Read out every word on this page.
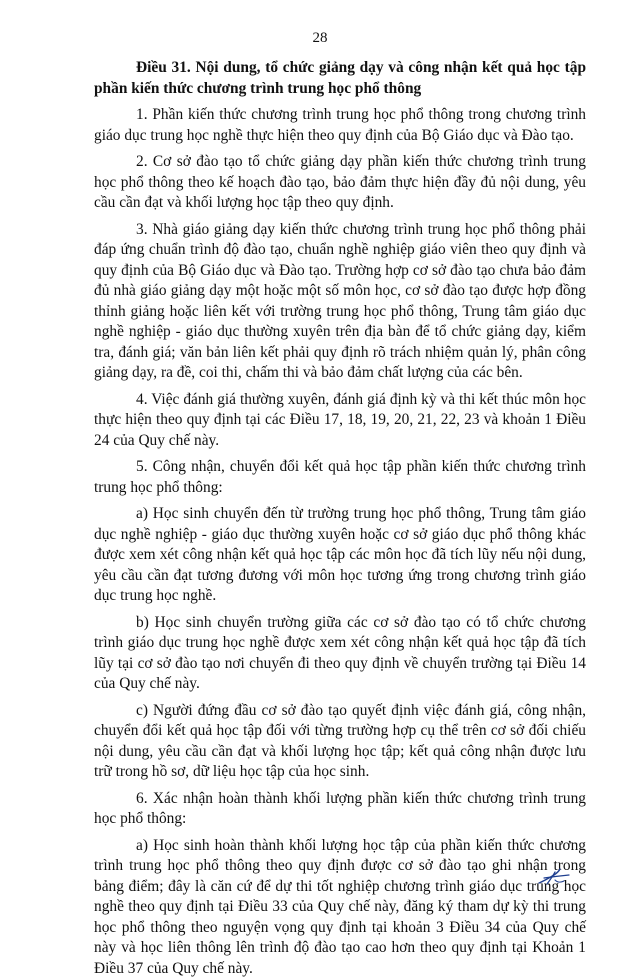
28

Điều 31. Nội dung, tổ chức giảng dạy và công nhận kết quả học tập phần kiến thức chương trình trung học phổ thông

1. Phần kiến thức chương trình trung học phổ thông trong chương trình giáo dục trung học nghề thực hiện theo quy định của Bộ Giáo dục và Đào tạo.

2. Cơ sở đào tạo tổ chức giảng dạy phần kiến thức chương trình trung học phổ thông theo kế hoạch đào tạo, bảo đảm thực hiện đầy đủ nội dung, yêu cầu cần đạt và khối lượng học tập theo quy định.

3. Nhà giáo giảng dạy kiến thức chương trình trung học phổ thông phải đáp ứng chuẩn trình độ đào tạo, chuẩn nghề nghiệp giáo viên theo quy định và quy định của Bộ Giáo dục và Đào tạo. Trường hợp cơ sở đào tạo chưa bảo đảm đủ nhà giáo giảng dạy một hoặc một số môn học, cơ sở đào tạo được hợp đồng thỉnh giảng hoặc liên kết với trường trung học phổ thông, Trung tâm giáo dục nghề nghiệp - giáo dục thường xuyên trên địa bàn để tổ chức giảng dạy, kiểm tra, đánh giá; văn bản liên kết phải quy định rõ trách nhiệm quản lý, phân công giảng dạy, ra đề, coi thi, chấm thi và bảo đảm chất lượng của các bên.

4. Việc đánh giá thường xuyên, đánh giá định kỳ và thi kết thúc môn học thực hiện theo quy định tại các Điều 17, 18, 19, 20, 21, 22, 23 và khoản 1 Điều 24 của Quy chế này.

5. Công nhận, chuyển đổi kết quả học tập phần kiến thức chương trình trung học phổ thông:

a) Học sinh chuyển đến từ trường trung học phổ thông, Trung tâm giáo dục nghề nghiệp - giáo dục thường xuyên hoặc cơ sở giáo dục phổ thông khác được xem xét công nhận kết quả học tập các môn học đã tích lũy nếu nội dung, yêu cầu cần đạt tương đương với môn học tương ứng trong chương trình giáo dục trung học nghề.

b) Học sinh chuyển trường giữa các cơ sở đào tạo có tổ chức chương trình giáo dục trung học nghề được xem xét công nhận kết quả học tập đã tích lũy tại cơ sở đào tạo nơi chuyển đi theo quy định về chuyển trường tại Điều 14 của Quy chế này.

c) Người đứng đầu cơ sở đào tạo quyết định việc đánh giá, công nhận, chuyển đổi kết quả học tập đối với từng trường hợp cụ thể trên cơ sở đối chiếu nội dung, yêu cầu cần đạt và khối lượng học tập; kết quả công nhận được lưu trữ trong hồ sơ, dữ liệu học tập của học sinh.

6. Xác nhận hoàn thành khối lượng phần kiến thức chương trình trung học phổ thông:

a) Học sinh hoàn thành khối lượng học tập của phần kiến thức chương trình trung học phổ thông theo quy định được cơ sở đào tạo ghi nhận trong bảng điểm; đây là căn cứ để dự thi tốt nghiệp chương trình giáo dục trung học nghề theo quy định tại Điều 33 của Quy chế này, đăng ký tham dự kỳ thi trung học phổ thông theo nguyện vọng quy định tại khoản 3 Điều 34 của Quy chế này và học liên thông lên trình độ đào tạo cao hơn theo quy định tại Khoản 1 Điều 37 của Quy chế này.
